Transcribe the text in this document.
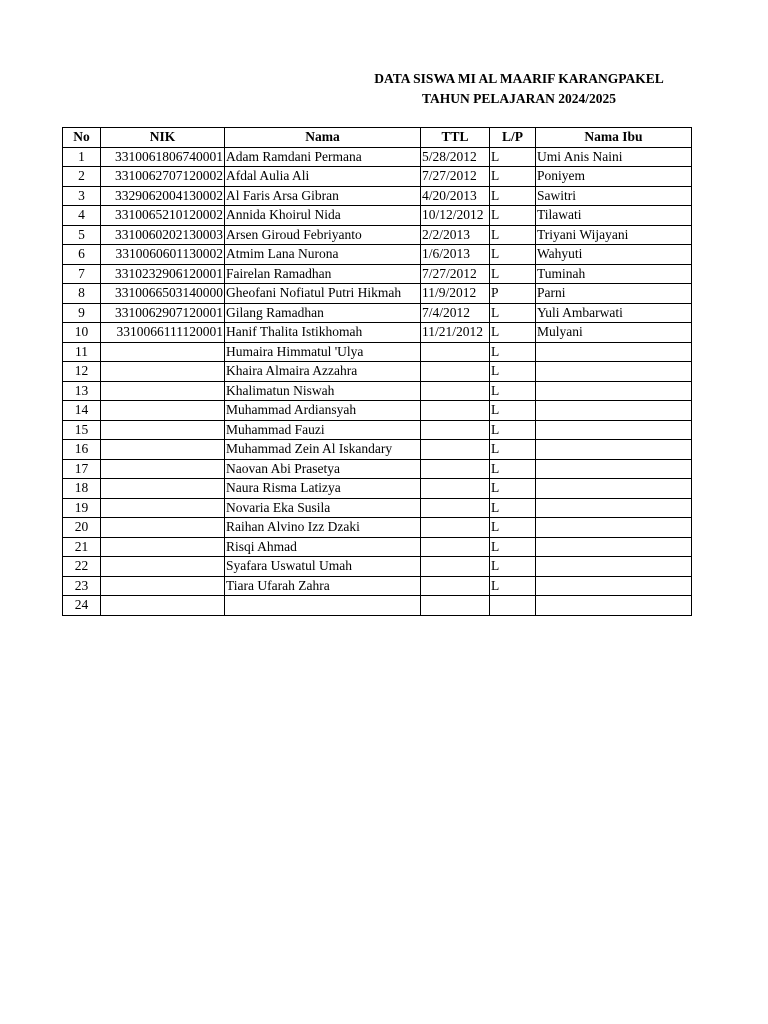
DATA SISWA MI AL MAARIF KARANGPAKEL
TAHUN PELAJARAN 2024/2025
No	NIK	Nama	TTL	L/P	Nama Ibu
1	3310061806740001	Adam Ramdani Permana	5/28/2012	L	Umi Anis Naini
2	3310062707120002	Afdal Aulia Ali	7/27/2012	L	Poniyem
3	3329062004130002	Al Faris Arsa Gibran	4/20/2013	L	Sawitri
4	3310065210120002	Annida Khoirul Nida	10/12/2012	L	Tilawati
5	3310060202130003	Arsen Giroud Febriyanto	2/2/2013	L	Triyani Wijayani
6	3310060601130002	Atmim Lana Nurona	1/6/2013	L	Wahyuti
7	3310232906120001	Fairelan Ramadhan	7/27/2012	L	Tuminah
8	3310066503140000	Gheofani Nofiatul Putri Hikmah	11/9/2012	P	Parni
9	3310062907120001	Gilang Ramadhan	7/4/2012	L	Yuli Ambarwati
10	3310066111120001	Hanif Thalita Istikhomah	11/21/2012	L	Mulyani
11		Humaira Himmatul 'Ulya		L	
12		Khaira Almaira Azzahra		L	
13		Khalimatun Niswah		L	
14		Muhammad Ardiansyah		L	
15		Muhammad Fauzi		L	
16		Muhammad Zein Al Iskandary		L	
17		Naovan Abi Prasetya		L	
18		Naura Risma Latizya		L	
19		Novaria Eka Susila		L	
20		Raihan Alvino Izz Dzaki		L	
21		Risqi Ahmad		L	
22		Syafara Uswatul Umah		L	
23		Tiara Ufarah Zahra		L	
24					
